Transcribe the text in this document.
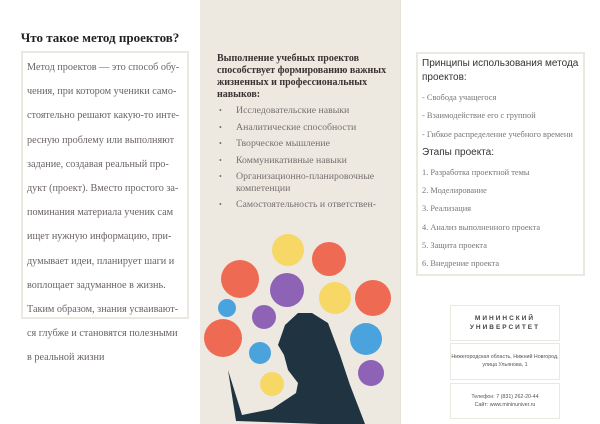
Что такое метод проектов?
Метод проектов — это способ обу-
чения, при котором ученики само-
стоятельно решают какую-то инте-
ресную проблему или выполняют
задание, создавая реальный про-
дукт (проект). Вместо простого за-
поминания материала ученик сам
ищет нужную информацию, при-
думывает идеи, планирует шаги и
воплощает задуманное в жизнь.
Таким образом, знания усваивают-
ся глубже и становятся полезными
в реальной жизни
Выполнение учебных проектов способствует формированию важных жизненных и профессиональных навыков:
•	Исследовательские навыки
•	Аналитические способности
•	Творческое мышление
•	Коммуникативные навыки
•	Организационно-планировочные компетенции
•	Самостоятельность и ответствен-
Принципы использования метода проектов:
- Свобода учащегося
- Взаимодействие его с группой
- Гибкое распределение учебного времени
Этапы проекта:
1. Разработка проектной темы
2. Моделирование
3. Реализация
4. Анализ выполненного проекта
5. Защита проекта
6. Внедрение проекта
МИНИНСКИЙ
УНИВЕРСИТЕТ
Нижегородская область, Нижний Новгород, улица Ульянова, 1
Телефон: 7 (831) 262-20-44
Сайт: www.mininuniver.ru
